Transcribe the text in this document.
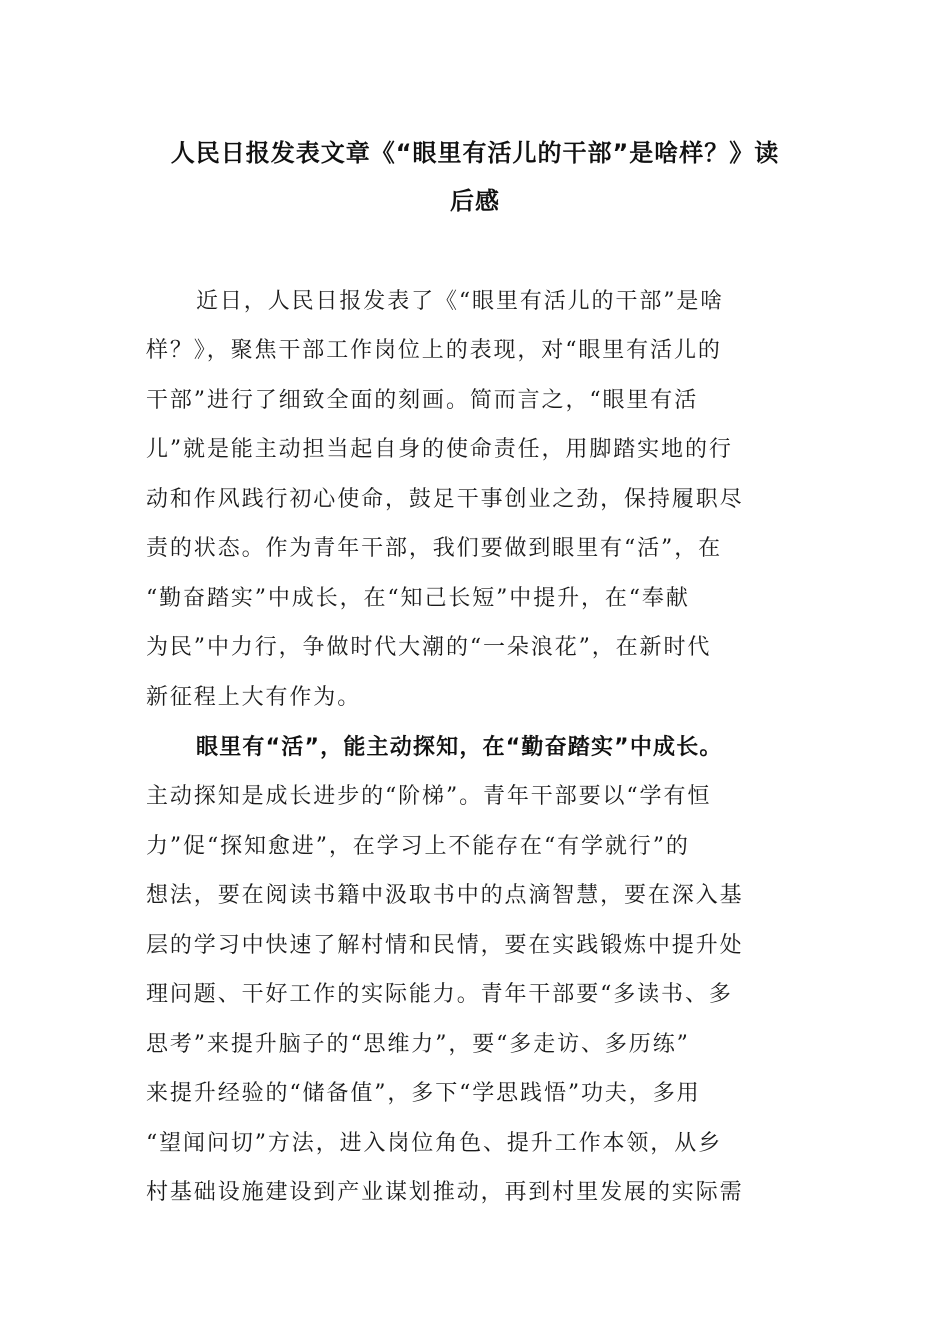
人民日报发表文章《“眼里有活儿的干部”是啥样？》读
后感
近日，人民日报发表了《“眼里有活儿的干部”是啥
样？》，聚焦干部工作岗位上的表现，对“眼里有活儿的
干部”进行了细致全面的刻画。简而言之，“眼里有活
儿”就是能主动担当起自身的使命责任，用脚踏实地的行
动和作风践行初心使命，鼓足干事创业之劲，保持履职尽
责的状态。作为青年干部，我们要做到眼里有“活”，在
“勤奋踏实”中成长，在“知己长短”中提升，在“奉献
为民”中力行，争做时代大潮的“一朵浪花”，在新时代
新征程上大有作为。
眼里有“活”，能主动探知，在“勤奋踏实”中成长。
主动探知是成长进步的“阶梯”。青年干部要以“学有恒
力”促“探知愈进”，在学习上不能存在“有学就行”的
想法，要在阅读书籍中汲取书中的点滴智慧，要在深入基
层的学习中快速了解村情和民情，要在实践锻炼中提升处
理问题、干好工作的实际能力。青年干部要“多读书、多
思考”来提升脑子的“思维力”，要“多走访、多历练”
来提升经验的“储备值”，多下“学思践悟”功夫，多用
“望闻问切”方法，进入岗位角色、提升工作本领，从乡
村基础设施建设到产业谋划推动，再到村里发展的实际需
